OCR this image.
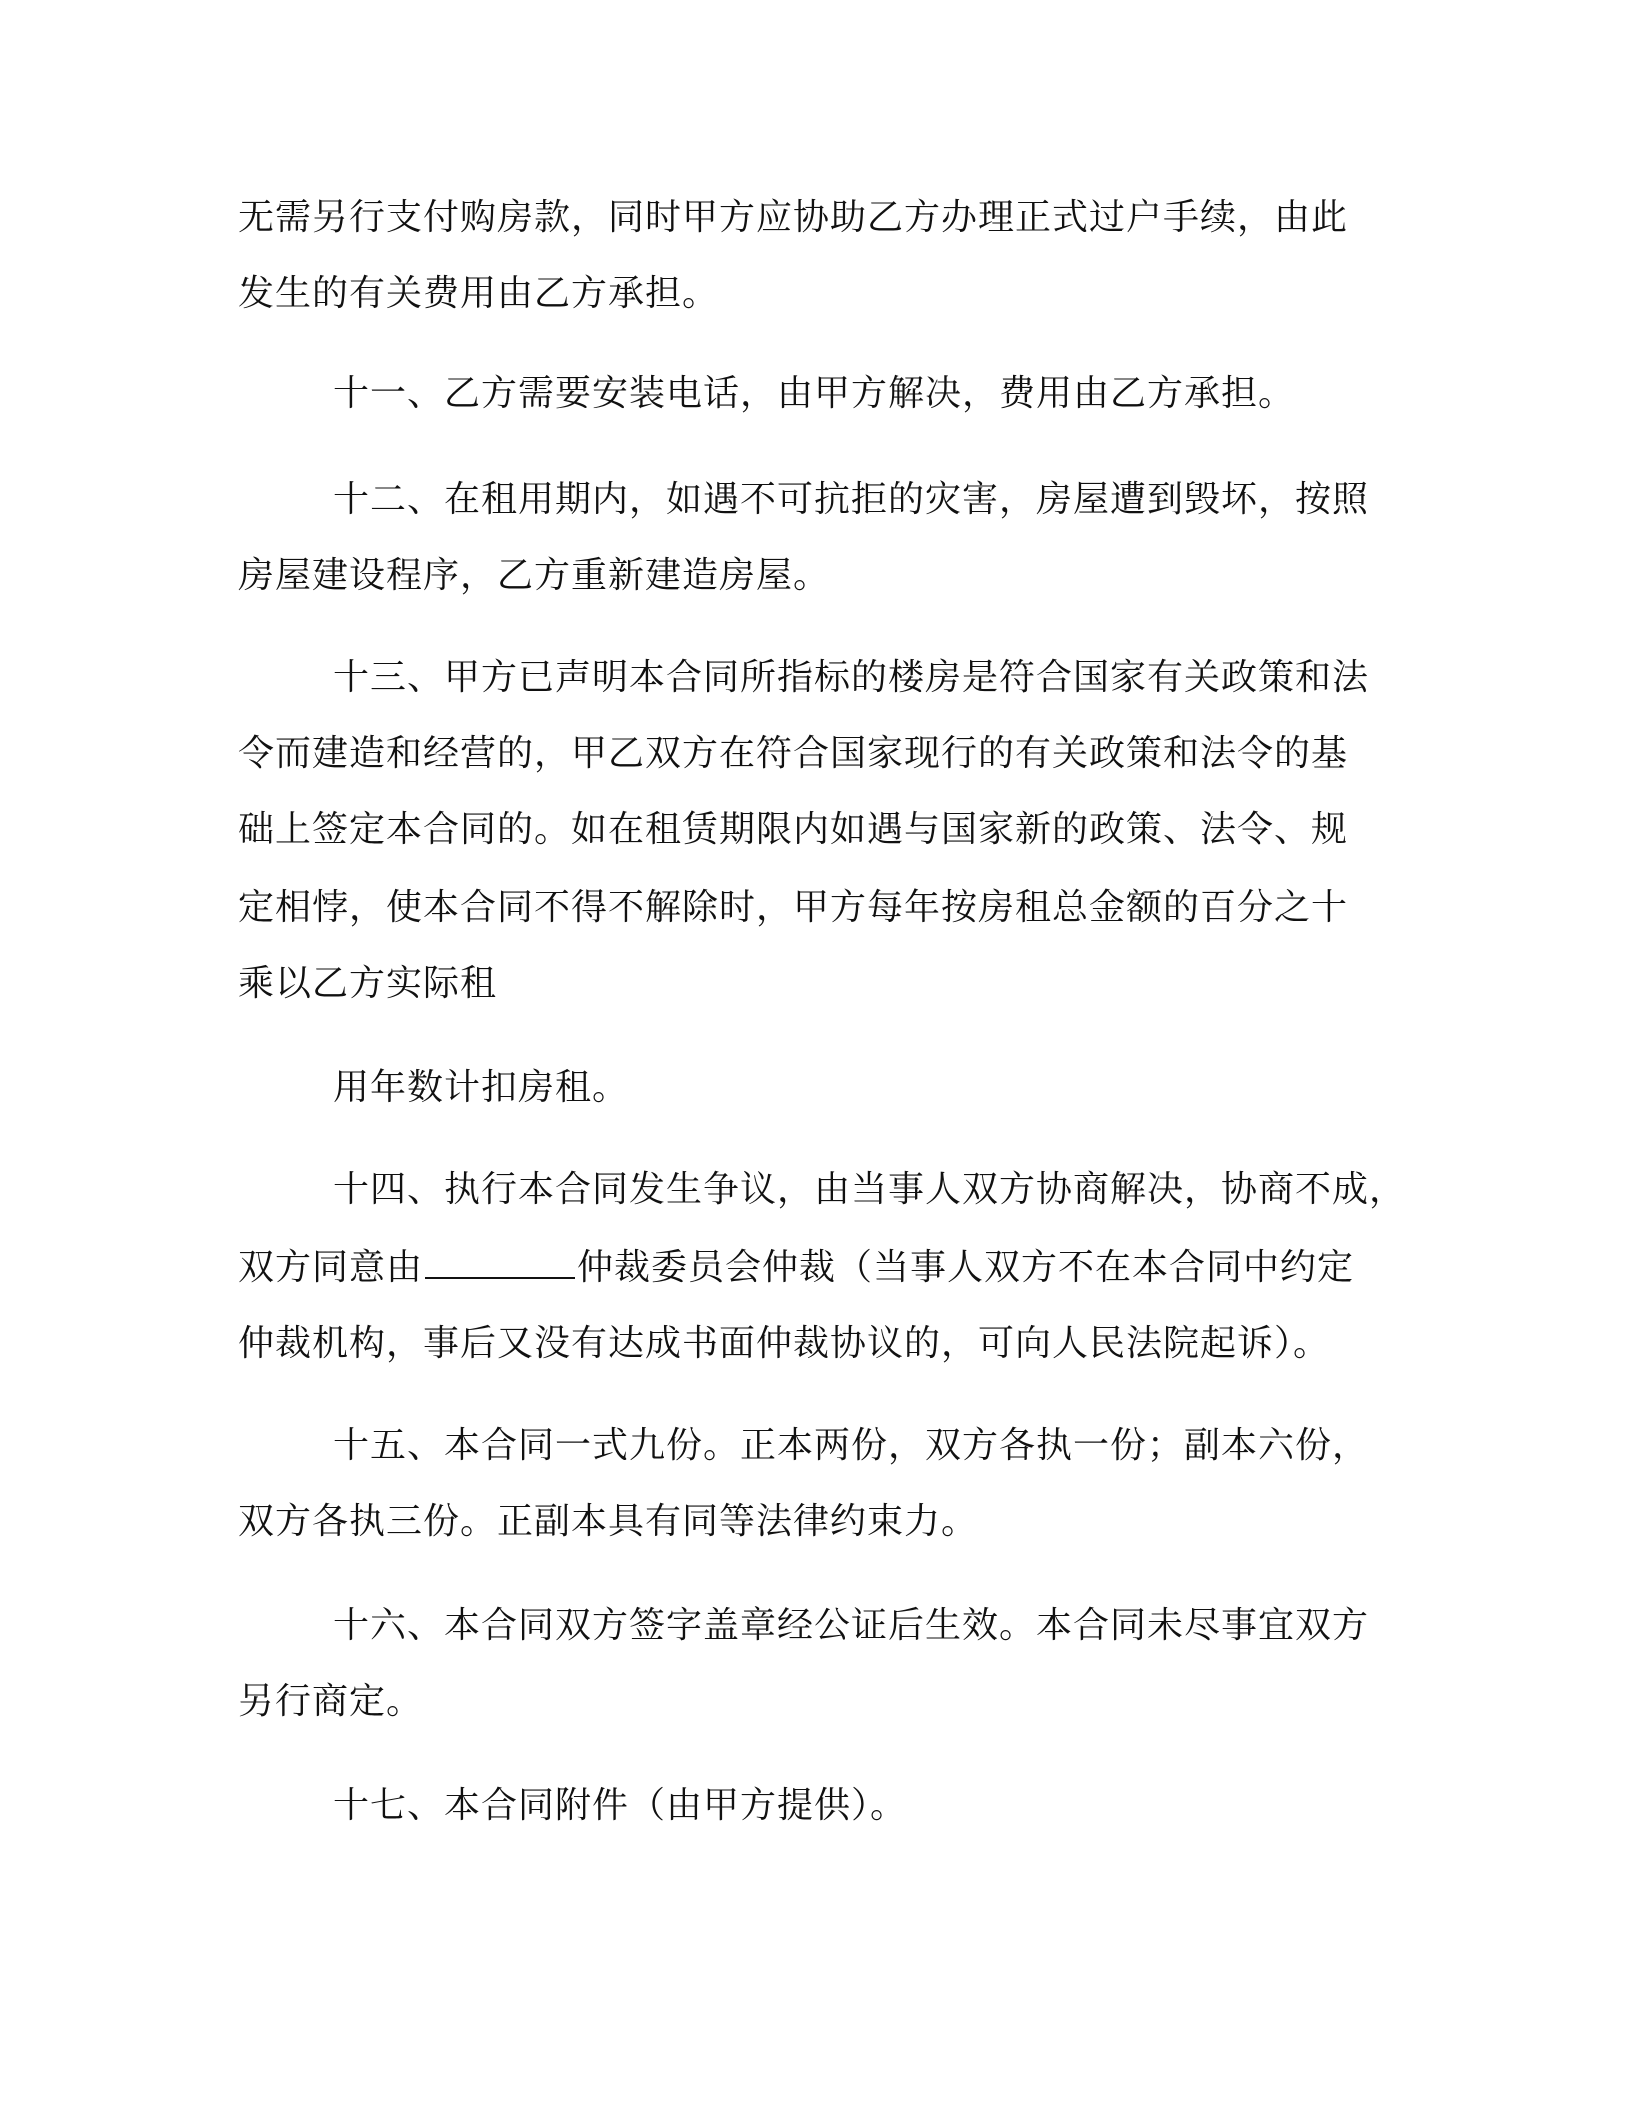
无需另行支付购房款，同时甲方应协助乙方办理正式过户手续，由此
发生的有关费用由乙方承担。
十一、乙方需要安装电话，由甲方解决，费用由乙方承担。
十二、在租用期内，如遇不可抗拒的灾害，房屋遭到毁坏，按照
房屋建设程序，乙方重新建造房屋。
十三、甲方已声明本合同所指标的楼房是符合国家有关政策和法
令而建造和经营的，甲乙双方在符合国家现行的有关政策和法令的基
础上签定本合同的。如在租赁期限内如遇与国家新的政策、法令、规
定相悖，使本合同不得不解除时，甲方每年按房租总金额的百分之十
乘以乙方实际租
用年数计扣房租。
十四、执行本合同发生争议，由当事人双方协商解决，协商不成，
双方同意由	仲裁委员会仲裁（当事人双方不在本合同中约定
仲裁机构，事后又没有达成书面仲裁协议的，可向人民法院起诉）。
十五、本合同一式九份。正本两份，双方各执一份；副本六份，
双方各执三份。正副本具有同等法律约束力。
十六、本合同双方签字盖章经公证后生效。本合同未尽事宜双方
另行商定。
十七、本合同附件（由甲方提供）。
